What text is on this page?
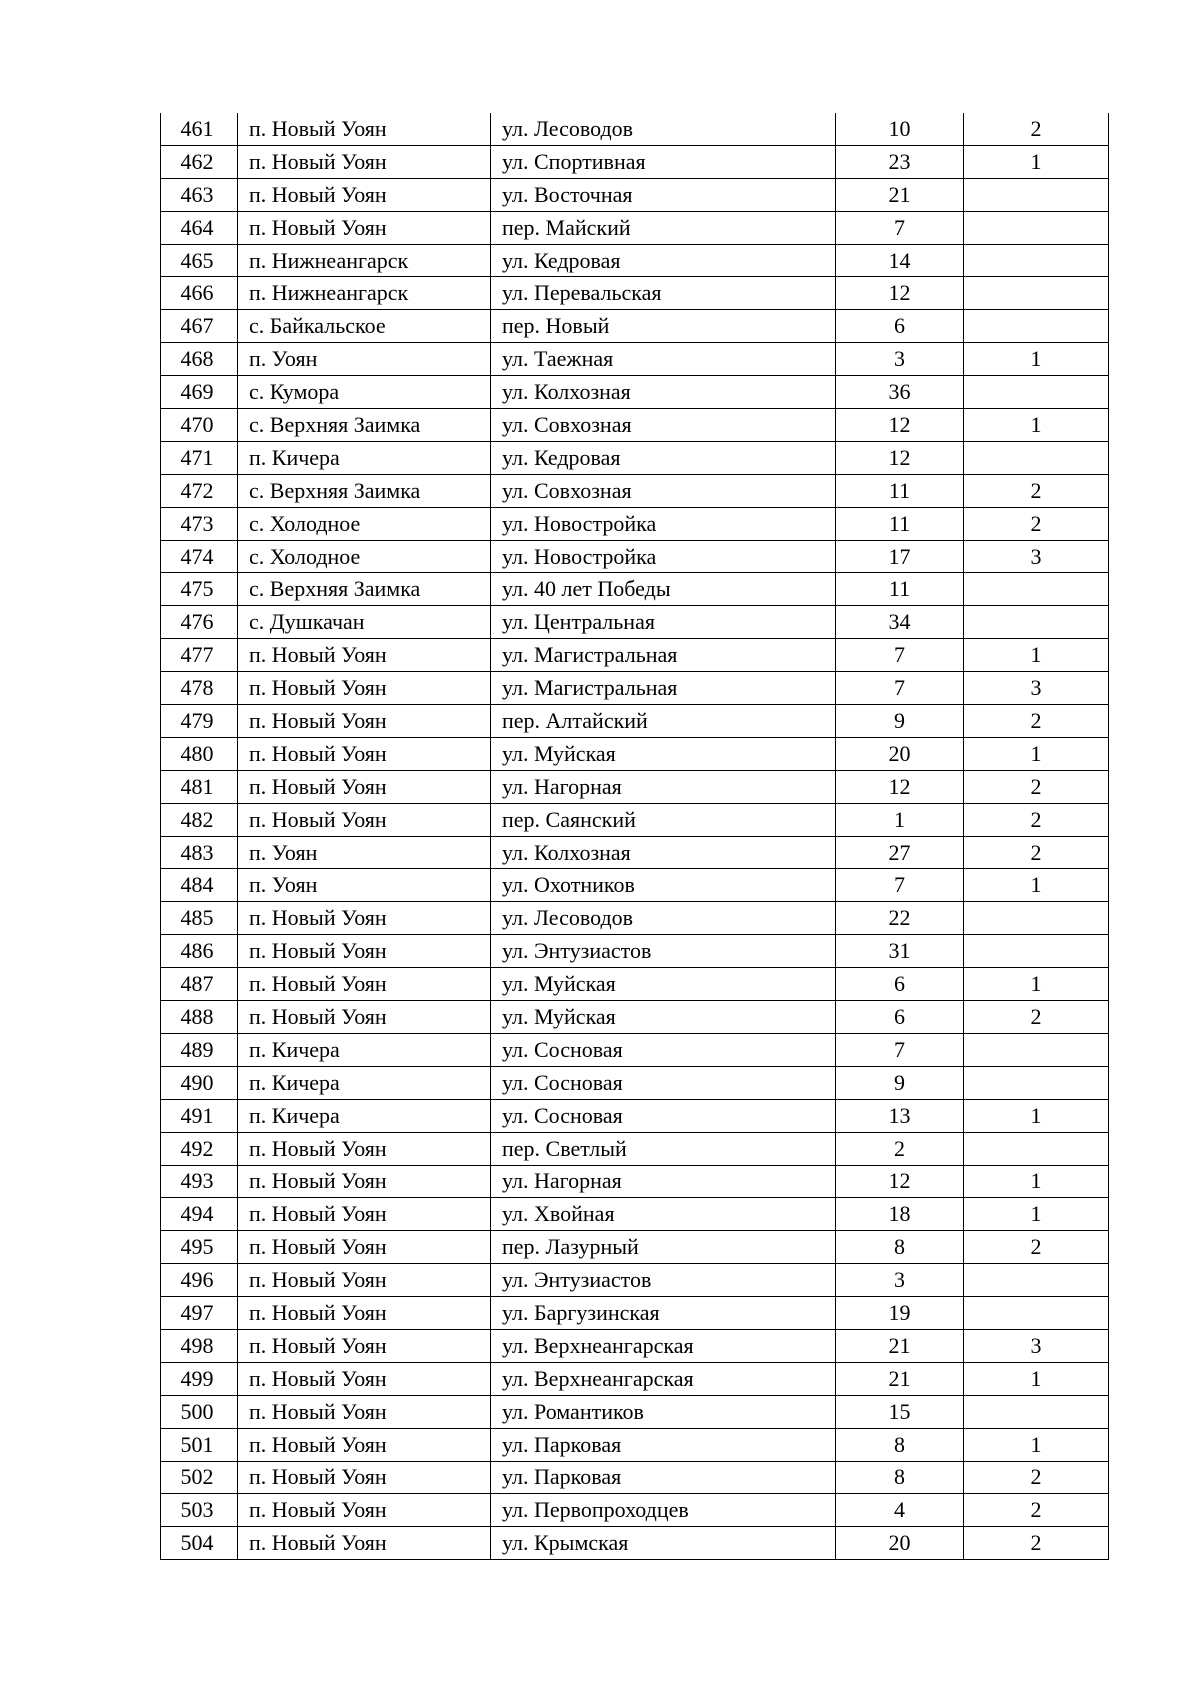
461	п. Новый Уоян	ул. Лесоводов	10	2
462	п. Новый Уоян	ул. Спортивная	23	1
463	п. Новый Уоян	ул. Восточная	21	
464	п. Новый Уоян	пер. Майский	7	
465	п. Нижнеангарск	ул. Кедровая	14	
466	п. Нижнеангарск	ул. Перевальская	12	
467	с. Байкальское	пер. Новый	6	
468	п. Уоян	ул. Таежная	3	1
469	с. Кумора	ул. Колхозная	36	
470	с. Верхняя Заимка	ул. Совхозная	12	1
471	п. Кичера	ул. Кедровая	12	
472	с. Верхняя Заимка	ул. Совхозная	11	2
473	с. Холодное	ул. Новостройка	11	2
474	с. Холодное	ул. Новостройка	17	3
475	с. Верхняя Заимка	ул. 40 лет Победы	11	
476	с. Душкачан	ул. Центральная	34	
477	п. Новый Уоян	ул. Магистральная	7	1
478	п. Новый Уоян	ул. Магистральная	7	3
479	п. Новый Уоян	пер. Алтайский	9	2
480	п. Новый Уоян	ул. Муйская	20	1
481	п. Новый Уоян	ул. Нагорная	12	2
482	п. Новый Уоян	пер. Саянский	1	2
483	п. Уоян	ул. Колхозная	27	2
484	п. Уоян	ул. Охотников	7	1
485	п. Новый Уоян	ул. Лесоводов	22	
486	п. Новый Уоян	ул. Энтузиастов	31	
487	п. Новый Уоян	ул. Муйская	6	1
488	п. Новый Уоян	ул. Муйская	6	2
489	п. Кичера	ул. Сосновая	7	
490	п. Кичера	ул. Сосновая	9	
491	п. Кичера	ул. Сосновая	13	1
492	п. Новый Уоян	пер. Светлый	2	
493	п. Новый Уоян	ул. Нагорная	12	1
494	п. Новый Уоян	ул. Хвойная	18	1
495	п. Новый Уоян	пер. Лазурный	8	2
496	п. Новый Уоян	ул. Энтузиастов	3	
497	п. Новый Уоян	ул. Баргузинская	19	
498	п. Новый Уоян	ул. Верхнеангарская	21	3
499	п. Новый Уоян	ул. Верхнеангарская	21	1
500	п. Новый Уоян	ул. Романтиков	15	
501	п. Новый Уоян	ул. Парковая	8	1
502	п. Новый Уоян	ул. Парковая	8	2
503	п. Новый Уоян	ул. Первопроходцев	4	2
504	п. Новый Уоян	ул. Крымская	20	2
